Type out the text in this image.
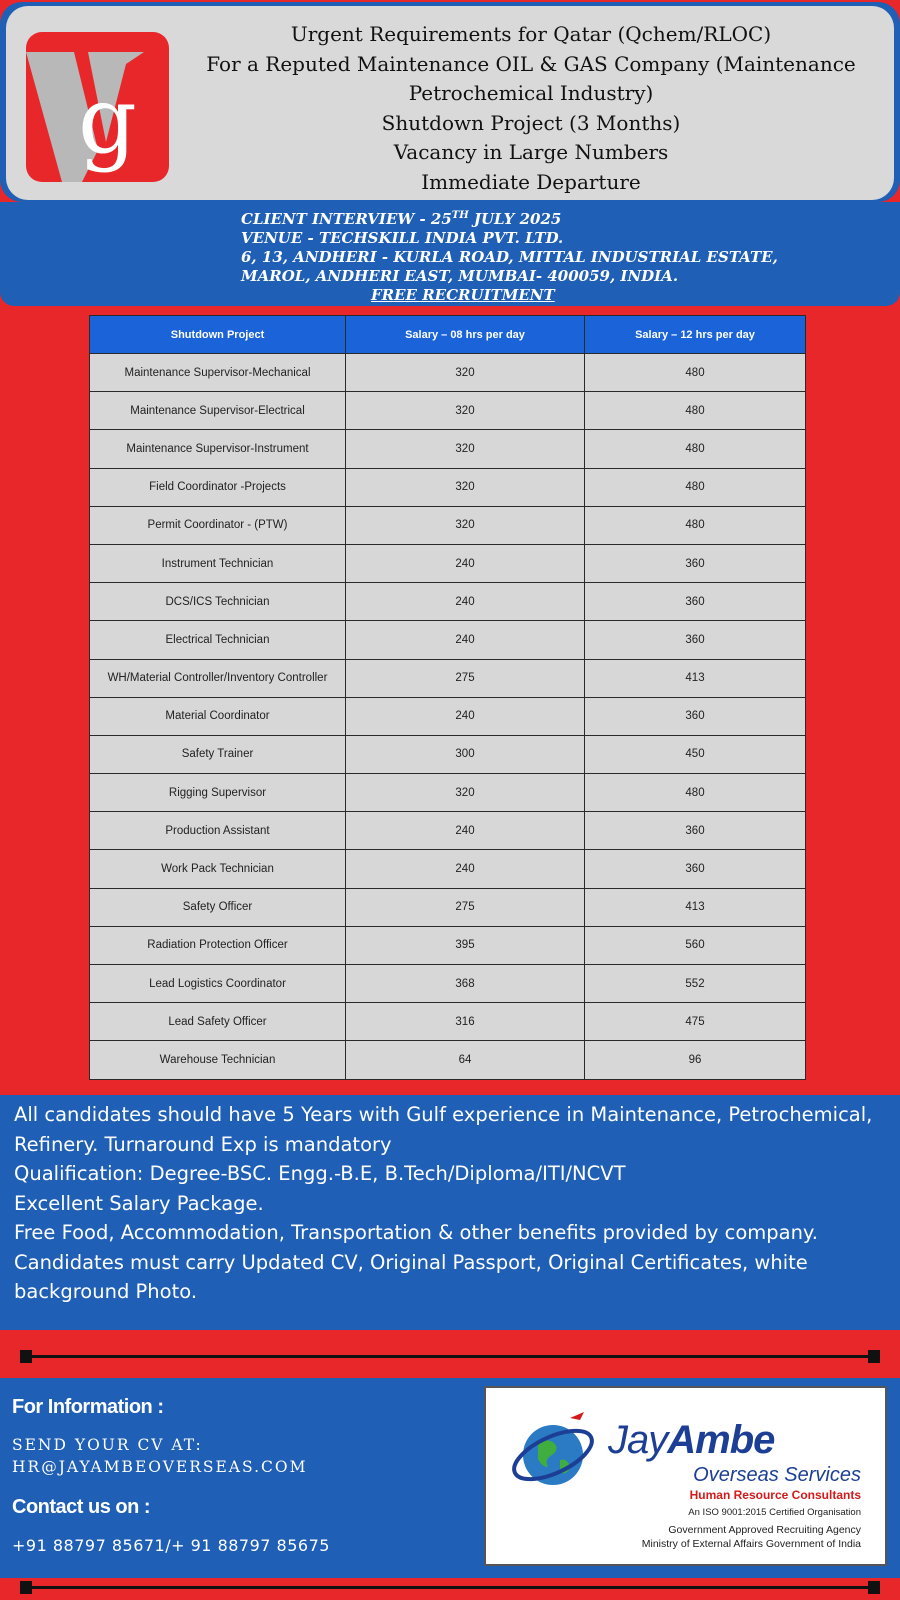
g
Urgent Requirements for Qatar (Qchem/RLOC)
For a Reputed Maintenance OIL & GAS Company (Maintenance
Petrochemical Industry)
Shutdown Project (3 Months)
Vacancy in Large Numbers
Immediate Departure
CLIENT INTERVIEW - 25TH JULY 2025
VENUE - TECHSKILL INDIA PVT. LTD.
6, 13, ANDHERI - KURLA ROAD, MITTAL INDUSTRIAL ESTATE,
MAROL, ANDHERI EAST, MUMBAI- 400059, INDIA.
FREE RECRUITMENT
Shutdown Project	Salary – 08 hrs per day	Salary – 12 hrs per day
Maintenance Supervisor-Mechanical	320	480
Maintenance Supervisor-Electrical	320	480
Maintenance Supervisor-Instrument	320	480
Field Coordinator -Projects	320	480
Permit Coordinator - (PTW)	320	480
Instrument Technician	240	360
DCS/ICS Technician	240	360
Electrical Technician	240	360
WH/Material Controller/Inventory Controller	275	413
Material Coordinator	240	360
Safety Trainer	300	450
Rigging Supervisor	320	480
Production Assistant	240	360
Work Pack Technician	240	360
Safety Officer	275	413
Radiation Protection Officer	395	560
Lead Logistics Coordinator	368	552
Lead Safety Officer	316	475
Warehouse Technician	64	96
All candidates should have 5 Years with Gulf experience in Maintenance, Petrochemical, Refinery. Turnaround Exp is mandatory
Qualification: Degree-BSC. Engg.-B.E, B.Tech/Diploma/ITI/NCVT
Excellent Salary Package.
Free Food, Accommodation, Transportation & other benefits provided by company.
Candidates must carry Updated CV, Original Passport, Original Certificates, white background Photo.
For Information :
SEND YOUR CV AT:
HR@JAYAMBEOVERSEAS.COM
Contact us on :
+91 88797 85671/+ 91 88797 85675
JayAmbe
Overseas Services
Human Resource Consultants
An ISO 9001:2015 Certified Organisation
Government Approved Recruiting Agency
Ministry of External Affairs Government of India
